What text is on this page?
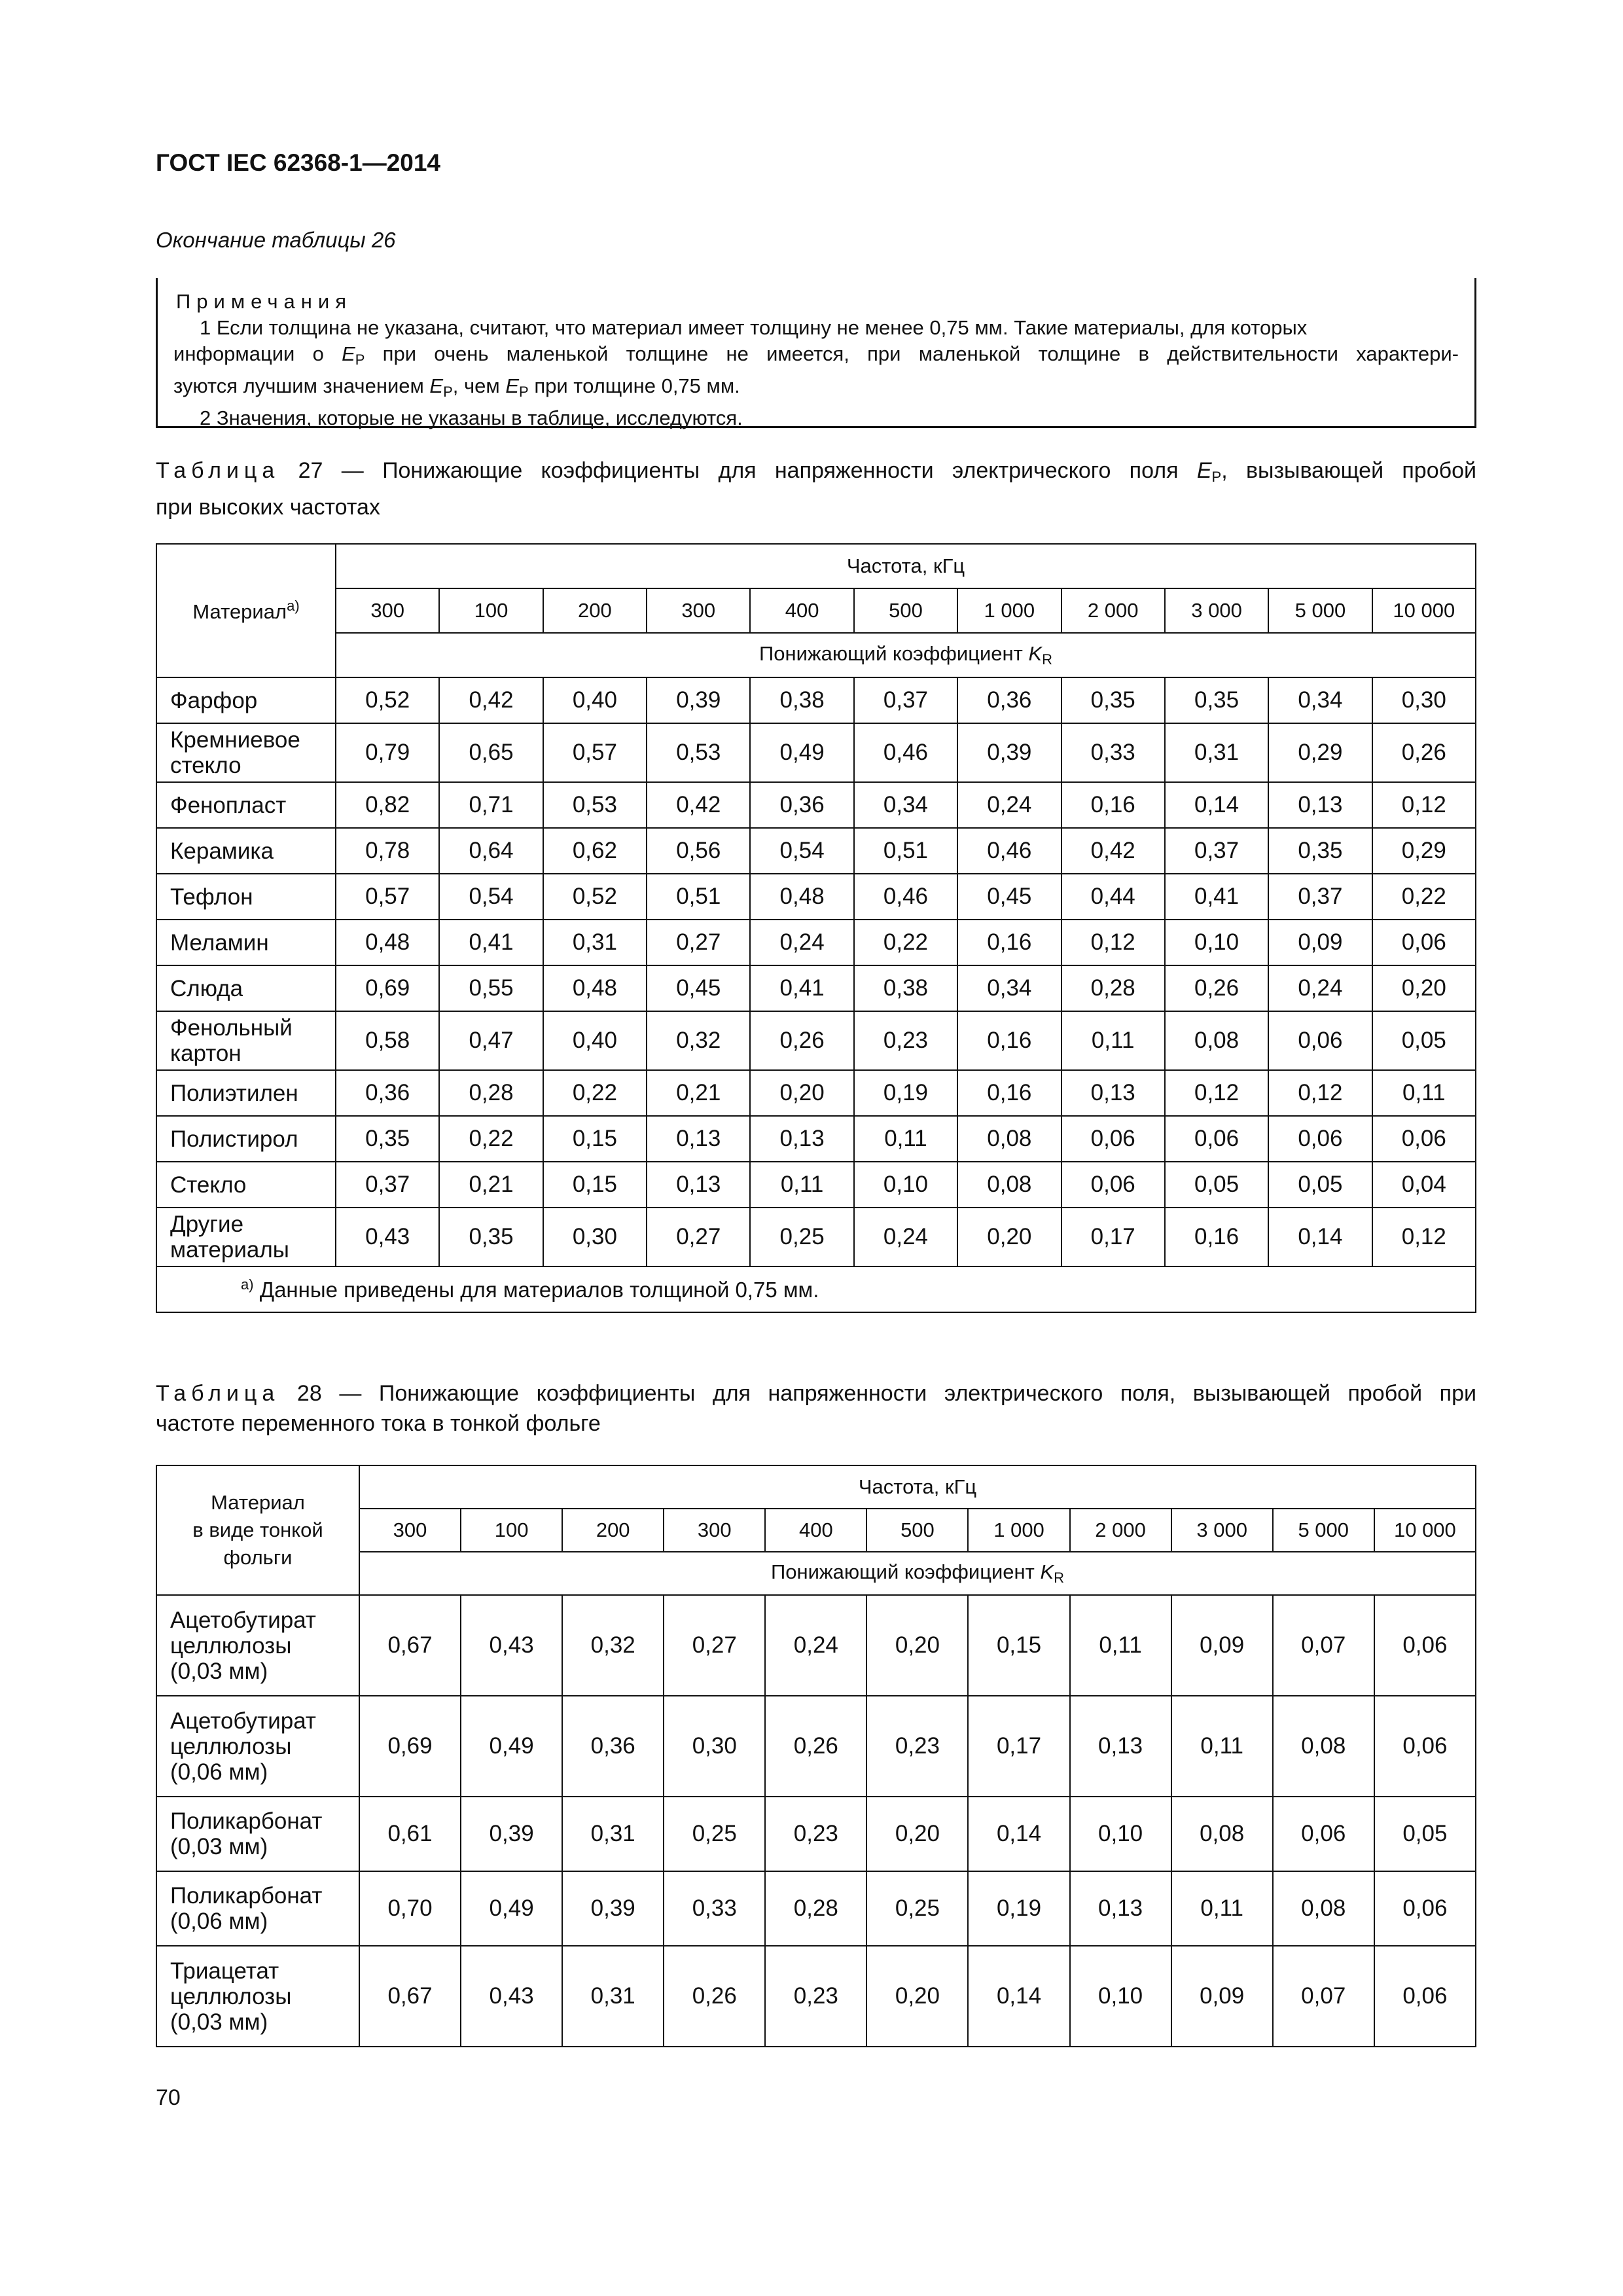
ГОСТ IEC 62368-1—2014
Окончание таблицы 26

Примечания

1 Если толщина не указана, считают, что материал имеет толщину не менее 0,75 мм. Такие материалы, для которых

информации о $E_P$ при очень маленькой толщине не имеется, при маленькой толщине в действительности характери-

зуются лучшим значением $E_P$, чем $E_P$ при толщине 0,75 мм.

2 Значения, которые не указаны в таблице, исследуются.

Таблица 27 — Понижающие коэффициенты для напряженности электрического поля $E_P$, вызывающей пробой
при высоких частотах
Материал$^{a)}$	Частота, кГц										
	300	100	200	300	400	500	1 000	2 000	3 000	5 000	10 000
	Понижающий коэффициент $K_R$

Фарфор	0,52	0,42	0,40	0,39	0,38	0,37	0,36	0,35	0,35	0,34	0,30

Кремниевое
стекло	0,79	0,65	0,57	0,53	0,49	0,46	0,39	0,33	0,31	0,29	0,26

Фенопласт	0,82	0,71	0,53	0,42	0,36	0,34	0,24	0,16	0,14	0,13	0,12

Керамика	0,78	0,64	0,62	0,56	0,54	0,51	0,46	0,42	0,37	0,35	0,29

Тефлон	0,57	0,54	0,52	0,51	0,48	0,46	0,45	0,44	0,41	0,37	0,22

Меламин	0,48	0,41	0,31	0,27	0,24	0,22	0,16	0,12	0,10	0,09	0,06

Слюда	0,69	0,55	0,48	0,45	0,41	0,38	0,34	0,28	0,26	0,24	0,20

Фенольный
картон	0,58	0,47	0,40	0,32	0,26	0,23	0,16	0,11	0,08	0,06	0,05

Полиэтилен	0,36	0,28	0,22	0,21	0,20	0,19	0,16	0,13	0,12	0,12	0,11

Полистирол	0,35	0,22	0,15	0,13	0,13	0,11	0,08	0,06	0,06	0,06	0,06

Стекло	0,37	0,21	0,15	0,13	0,11	0,10	0,08	0,06	0,05	0,05	0,04

Другие
материалы	0,43	0,35	0,30	0,27	0,25	0,24	0,20	0,17	0,16	0,14	0,12
$^{a)}$ Данные приведены для материалов толщиной 0,75 мм.											
Таблица 28 — Понижающие коэффициенты для напряженности электрического поля, вызывающей пробой при
частоте переменного тока в тонкой фольге
Материал
в виде тонкой
фольги	Частота, кГц										
	300	100	200	300	400	500	1 000	2 000	3 000	5 000	10 000
	Понижающий коэффициент $K_R$

Ацетобутират
целлюлозы
(0,03 мм)	0,67	0,43	0,32	0,27	0,24	0,20	0,15	0,11	0,09	0,07	0,06

Ацетобутират
целлюлозы
(0,06 мм)	0,69	0,49	0,36	0,30	0,26	0,23	0,17	0,13	0,11	0,08	0,06

Поликарбонат
(0,03 мм)	0,61	0,39	0,31	0,25	0,23	0,20	0,14	0,10	0,08	0,06	0,05

Поликарбонат
(0,06 мм)	0,70	0,49	0,39	0,33	0,28	0,25	0,19	0,13	0,11	0,08	0,06

Триацетат
целлюлозы
(0,03 мм)	0,67	0,43	0,31	0,26	0,23	0,20	0,14	0,10	0,09	0,07	0,06
70
